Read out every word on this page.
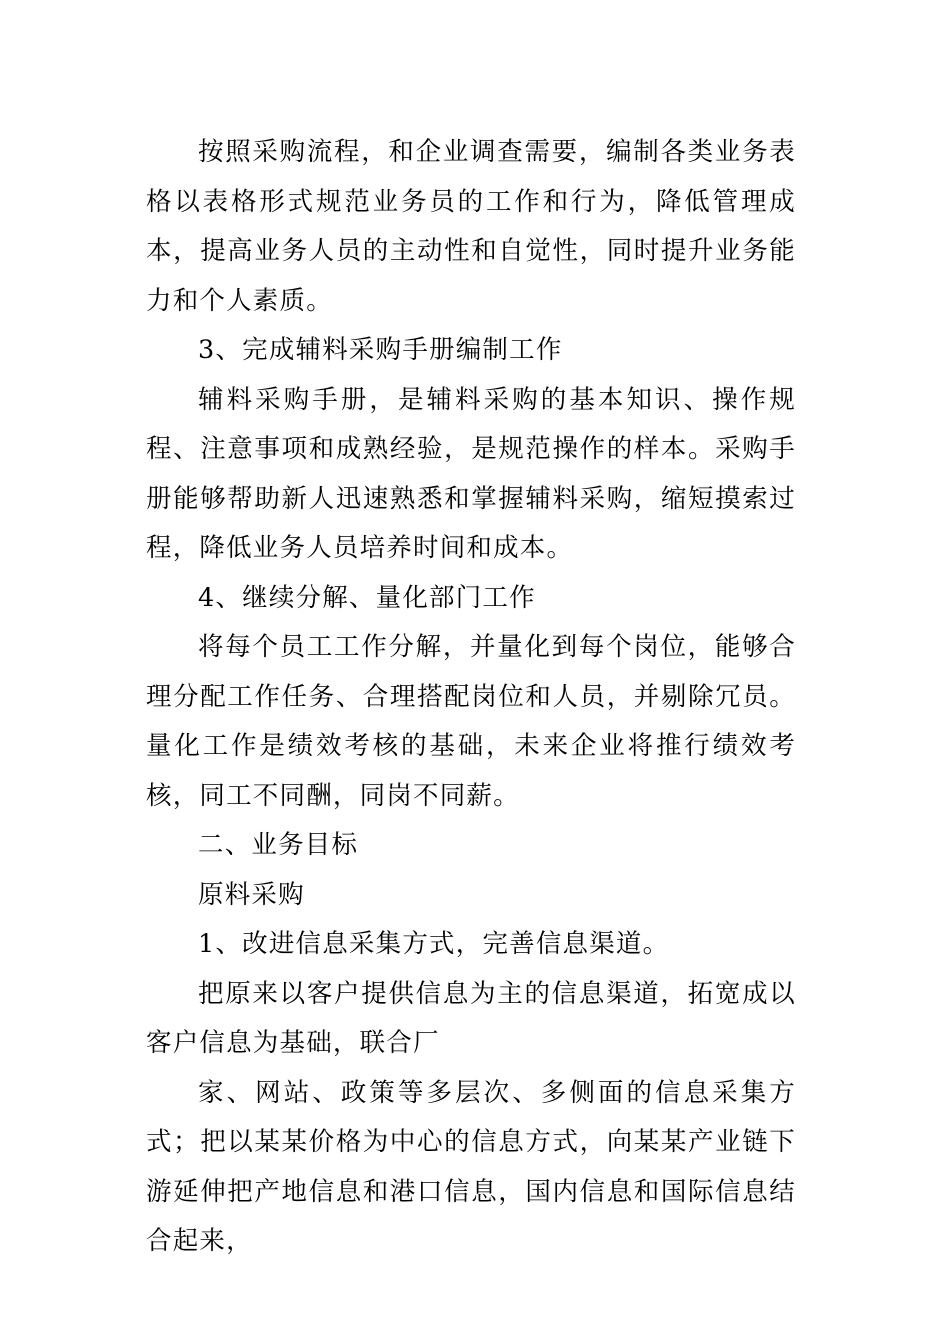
按照采购流程，和企业调查需要，编制各类业务表格以表格形式规范业务员的工作和行为，降低管理成本，提高业务人员的主动性和自觉性，同时提升业务能力和个人素质。

3、完成辅料采购手册编制工作

辅料采购手册，是辅料采购的基本知识、操作规程、注意事项和成熟经验，是规范操作的样本。采购手册能够帮助新人迅速熟悉和掌握辅料采购，缩短摸索过程，降低业务人员培养时间和成本。

4、继续分解、量化部门工作

将每个员工工作分解，并量化到每个岗位，能够合理分配工作任务、合理搭配岗位和人员，并剔除冗员。量化工作是绩效考核的基础，未来企业将推行绩效考核，同工不同酬，同岗不同薪。

二、业务目标

原料采购

1、改进信息采集方式，完善信息渠道。

把原来以客户提供信息为主的信息渠道，拓宽成以客户信息为基础，联合厂

家、网站、政策等多层次、多侧面的信息采集方式；把以某某价格为中心的信息方式，向某某产业链下游延伸把产地信息和港口信息，国内信息和国际信息结合起来，
